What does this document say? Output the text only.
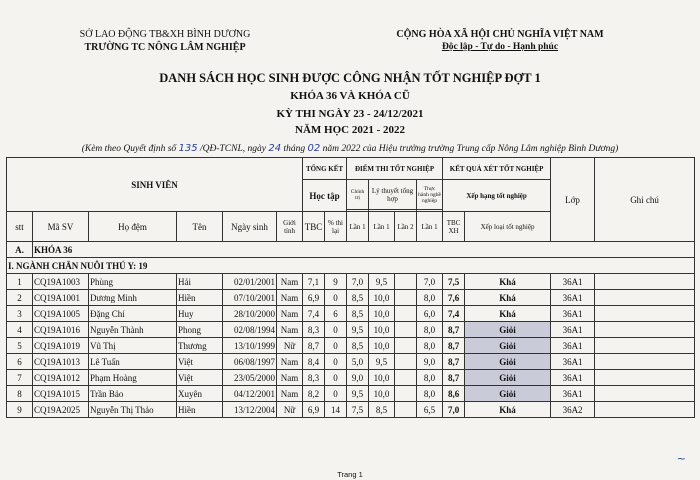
SỞ LAO ĐỘNG TB&XH BÌNH DƯƠNG
TRƯỜNG TC NÔNG LÂM NGHIỆP
CỘNG HÒA XÃ HỘI CHỦ NGHĨA VIỆT NAM
Độc lập - Tự do - Hạnh phúc
DANH SÁCH HỌC SINH ĐƯỢC CÔNG NHẬN TỐT NGHIỆP ĐỢT 1
KHÓA 36 VÀ KHÓA CŨ
KỲ THI NGÀY 23 - 24/12/2021
NĂM HỌC 2021 - 2022
(Kèm theo Quyết định số 135 /QĐ-TCNL, ngày 24 tháng 02 năm 2022 của Hiệu trưởng trường Trung cấp Nông Lâm nghiệp Bình Dương)
SINH VIÊN						TỔNG KẾT		ĐIỂM THI TỐT NGHIỆP				KẾT QUẢ XÉT TỐT NGHIỆP		Lớp	Ghi chú
						Học tập		Chính trị	Lý thuyết tổng hợp		Thực hành nghề nghiệp	Xếp hạng tốt nghiệp			

stt	Mã SV	Họ đệm	Tên	Ngày sinh	Giới tính	TBC	% thi lại	Lần 1	Lần 1	Lần 2	Lần 1	TBC XH	Xếp loại tốt nghiệp		
A.	KHÓA 36														
I. NGÀNH CHĂN NUÔI THÚ Y: 19															
1	CQ19A1003	Phùng	Hải	02/01/2001	Nam	7,1	9	7,0	9,5		7,0	7,5	Khá	36A1	
2	CQ19A1001	Dương Minh	Hiền	07/10/2001	Nam	6,9	0	8,5	10,0		8,0	7,6	Khá	36A1	
3	CQ19A1005	Đặng Chí	Huy	28/10/2000	Nam	7,4	6	8,5	10,0		6,0	7,4	Khá	36A1	
4	CQ19A1016	Nguyễn Thành	Phong	02/08/1994	Nam	8,3	0	9,5	10,0		8,0	8,7	Giỏi	36A1	
5	CQ19A1019	Vũ Thị	Thương	13/10/1999	Nữ	8,7	0	8,5	10,0		8,0	8,7	Giỏi	36A1	
6	CQ19A1013	Lê Tuấn	Việt	06/08/1997	Nam	8,4	0	5,0	9,5		9,0	8,7	Giỏi	36A1	
7	CQ19A1012	Phạm Hoàng	Việt	23/05/2000	Nam	8,3	0	9,0	10,0		8,0	8,7	Giỏi	36A1	
8	CQ19A1015	Trần Bảo	Xuyên	04/12/2001	Nam	8,2	0	9,5	10,0		8,0	8,6	Giỏi	36A1	
9	CQ19A2025	Nguyễn Thị Thảo	Hiền	13/12/2004	Nữ	6,9	14	7,5	8,5		6,5	7,0	Khá	36A2	
~
Trang 1
